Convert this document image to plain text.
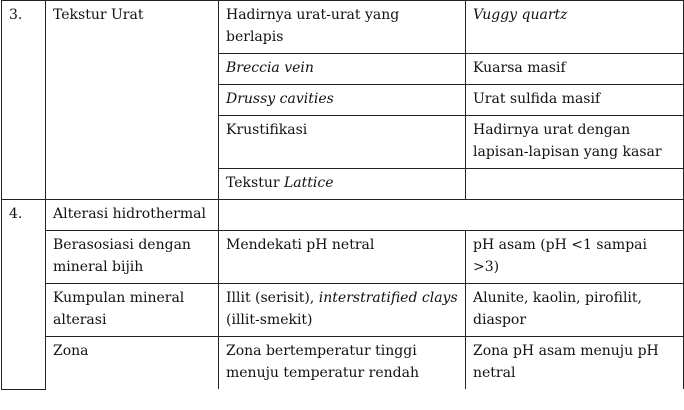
3.	Tekstur Urat	Hadirnya urat-urat yang berlapis	Vuggy quartz
		Breccia vein	Kuarsa masif
		Drussy cavities	Urat sulfida masif
		Krustifikasi	Hadirnya urat dengan lapisan-lapisan yang kasar
		Tekstur Lattice	
4.	Alterasi hidrothermal		
	Berasosiasi dengan mineral bijih	Mendekati pH netral	pH asam (pH <1 sampai >3)
	Kumpulan mineral alterasi	Illit (serisit), interstratified clays (illit-smekit)	Alunite, kaolin, pirofilit, diaspor
	Zona	Zona bertemperatur tinggi menuju temperatur rendah	Zona pH asam menuju pH netral
